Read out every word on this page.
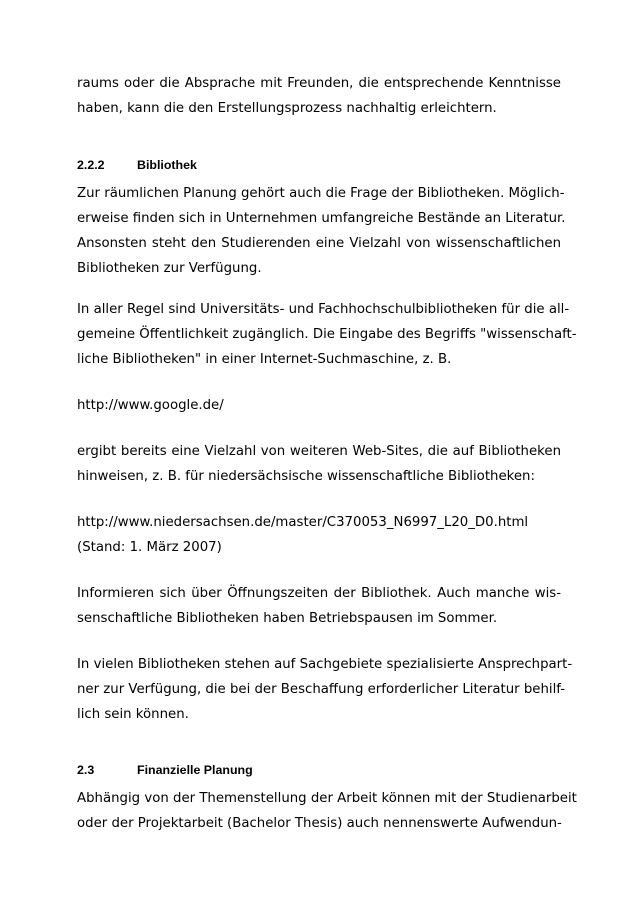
raums oder die Absprache mit Freunden, die entsprechende Kenntnisse
haben, kann die den Erstellungsprozess nachhaltig erleichtern.
2.2.2	Bibliothek
Zur räumlichen Planung gehört auch die Frage der Bibliotheken. Möglich-
erweise finden sich in Unternehmen umfangreiche Bestände an Literatur.
Ansonsten steht den Studierenden eine Vielzahl von wissenschaftlichen
Bibliotheken zur Verfügung.
In aller Regel sind Universitäts- und Fachhochschulbibliotheken für die all-
gemeine Öffentlichkeit zugänglich. Die Eingabe des Begriffs "wissenschaft-
liche Bibliotheken" in einer Internet-Suchmaschine, z. B.
http://www.google.de/
ergibt bereits eine Vielzahl von weiteren Web-Sites, die auf Bibliotheken
hinweisen, z. B. für niedersächsische wissenschaftliche Bibliotheken:
http://www.niedersachsen.de/master/C370053_N6997_L20_D0.html
(Stand: 1. März 2007)
Informieren sich über Öffnungszeiten der Bibliothek. Auch manche wis-
senschaftliche Bibliotheken haben Betriebspausen im Sommer.
In vielen Bibliotheken stehen auf Sachgebiete spezialisierte Ansprechpart-
ner zur Verfügung, die bei der Beschaffung erforderlicher Literatur behilf-
lich sein können.
2.3	Finanzielle Planung
Abhängig von der Themenstellung der Arbeit können mit der Studienarbeit
oder der Projektarbeit (Bachelor Thesis) auch nennenswerte Aufwendun-
